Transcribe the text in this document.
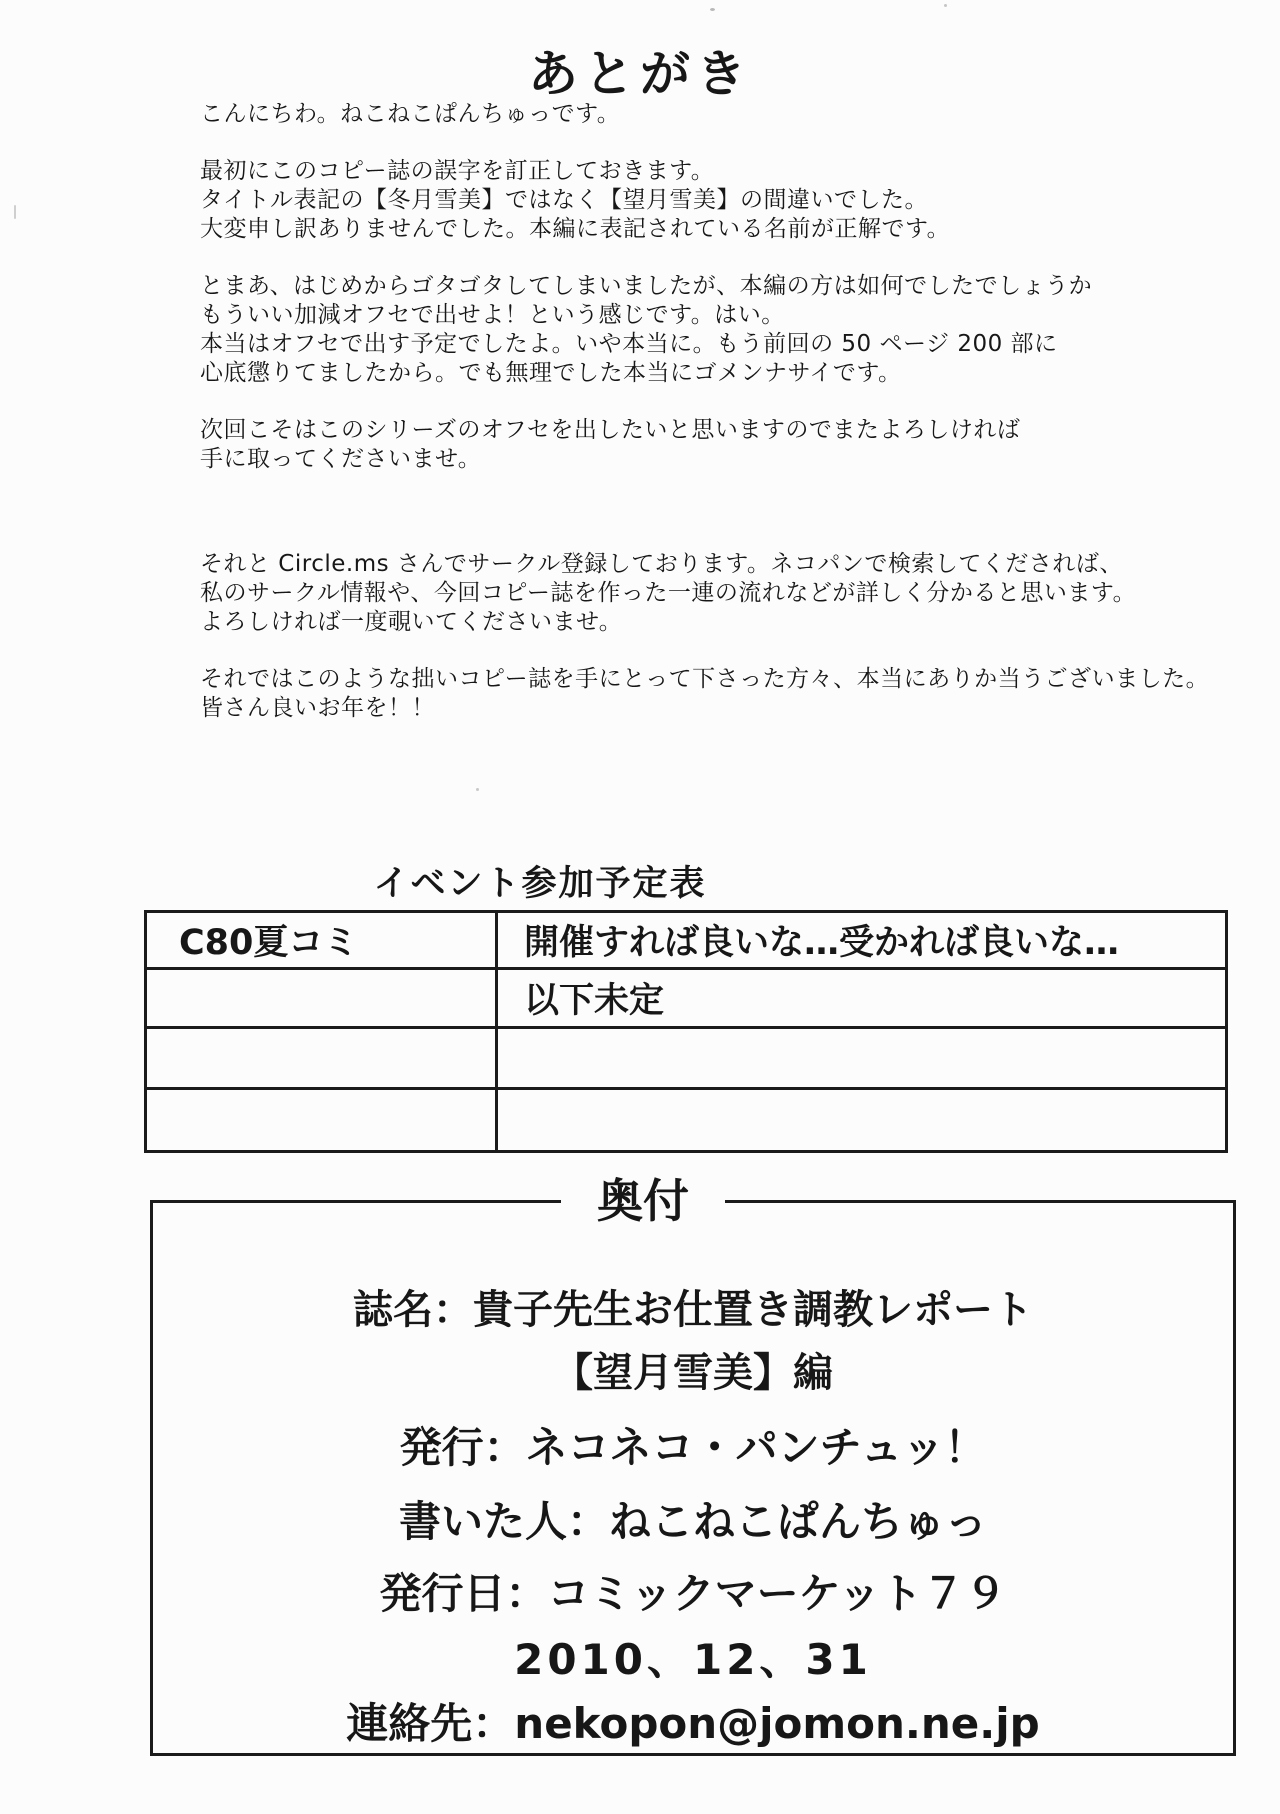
あとがき
こんにちわ。ねこねこぱんちゅっです。
最初にこのコピー誌の誤字を訂正しておきます。
タイトル表記の【冬月雪美】ではなく【望月雪美】の間違いでした。
大変申し訳ありませんでした。本編に表記されている名前が正解です。
とまあ、はじめからゴタゴタしてしまいましたが、本編の方は如何でしたでしょうか
もういい加減オフセで出せよ！という感じです。はい。
本当はオフセで出す予定でしたよ。いや本当に。もう前回の 50 ページ 200 部に
心底懲りてましたから。でも無理でした本当にゴメンナサイです。
次回こそはこのシリーズのオフセを出したいと思いますのでまたよろしければ
手に取ってくださいませ。
それと Circle.ms さんでサークル登録しております。ネコパンで検索してくだされば、
私のサークル情報や、今回コピー誌を作った一連の流れなどが詳しく分かると思います。
よろしければ一度覗いてくださいませ。
それではこのような拙いコピー誌を手にとって下さった方々、本当にありか当うございました。
皆さん良いお年を！！
イベント参加予定表
C80夏コミ	開催すれば良いな…受かれば良いな…
	以下未定

奥付
誌名：貴子先生お仕置き調教レポート
【望月雪美】編
発行：ネコネコ・パンチュッ！
書いた人：ねこねこぱんちゅっ
発行日：コミックマーケット７９
2010、12、31
連絡先：nekopon@jomon.ne.jp
